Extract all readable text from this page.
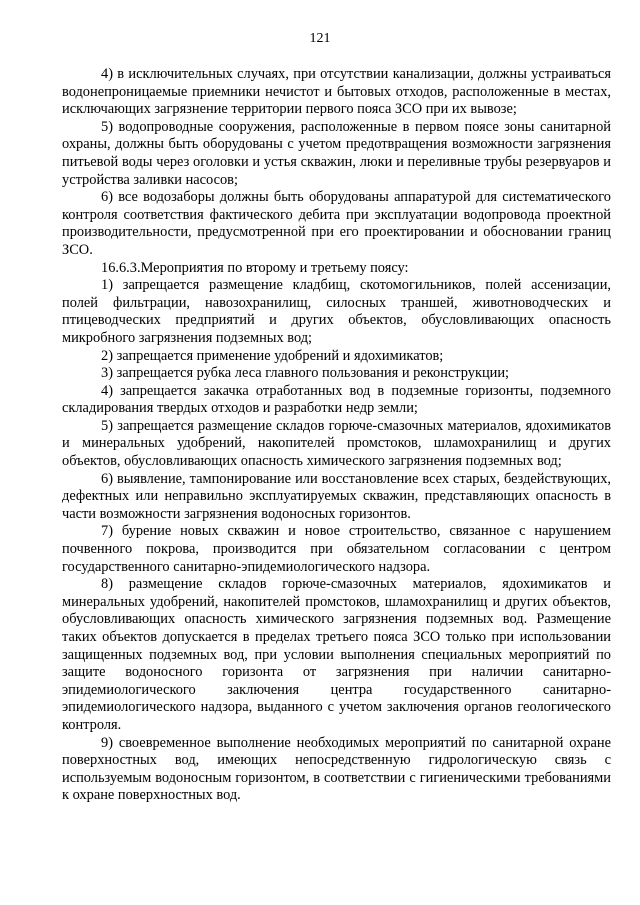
121

4) в исключительных случаях, при отсутствии канализации, должны устраиваться водонепроницаемые приемники нечистот и бытовых отходов, расположенные в местах, исключающих загрязнение территории первого пояса ЗСО при их вывозе;

5) водопроводные сооружения, расположенные в первом поясе зоны санитарной охраны, должны быть оборудованы с учетом предотвращения возможности загрязнения питьевой воды через оголовки и устья скважин, люки и переливные трубы резервуаров и устройства заливки насосов;

6) все водозаборы должны быть оборудованы аппаратурой для систематического контроля соответствия фактического дебита при эксплуатации водопровода проектной производительности, предусмотренной при его проектировании и обосновании границ ЗСО.

16.6.3.Мероприятия по второму и третьему поясу:

1) запрещается размещение кладбищ, скотомогильников, полей ассенизации, полей фильтрации, навозохранилищ, силосных траншей, животноводческих и птицеводческих предприятий и других объектов, обусловливающих опасность микробного загрязнения подземных вод;

2) запрещается применение удобрений и ядохимикатов;

3) запрещается рубка леса главного пользования и реконструкции;

4) запрещается закачка отработанных вод в подземные горизонты, подземного складирования твердых отходов и разработки недр земли;

5) запрещается размещение складов горюче-смазочных материалов, ядохимикатов и минеральных удобрений, накопителей промстоков, шламохранилищ и других объектов, обусловливающих опасность химического загрязнения подземных вод;

6) выявление, тампонирование или восстановление всех старых, бездействующих, дефектных или неправильно эксплуатируемых скважин, представляющих опасность в части возможности загрязнения водоносных горизонтов.

7) бурение новых скважин и новое строительство, связанное с нарушением почвенного покрова, производится при обязательном согласовании с центром государственного санитарно-эпидемиологического надзора.

8) размещение складов горюче-смазочных материалов, ядохимикатов и минеральных удобрений, накопителей промстоков, шламохранилищ и других объектов, обусловливающих опасность химического загрязнения подземных вод. Размещение таких объектов допускается в пределах третьего пояса ЗСО только при использовании защищенных подземных вод, при условии выполнения специальных мероприятий по защите водоносного горизонта от загрязнения при наличии санитарно-эпидемиологического заключения центра государственного санитарно-эпидемиологического надзора, выданного с учетом заключения органов геологического контроля.

9) своевременное выполнение необходимых мероприятий по санитарной охране поверхностных вод, имеющих непосредственную гидрологическую связь с используемым водоносным горизонтом, в соответствии с гигиеническими требованиями к охране поверхностных вод.
